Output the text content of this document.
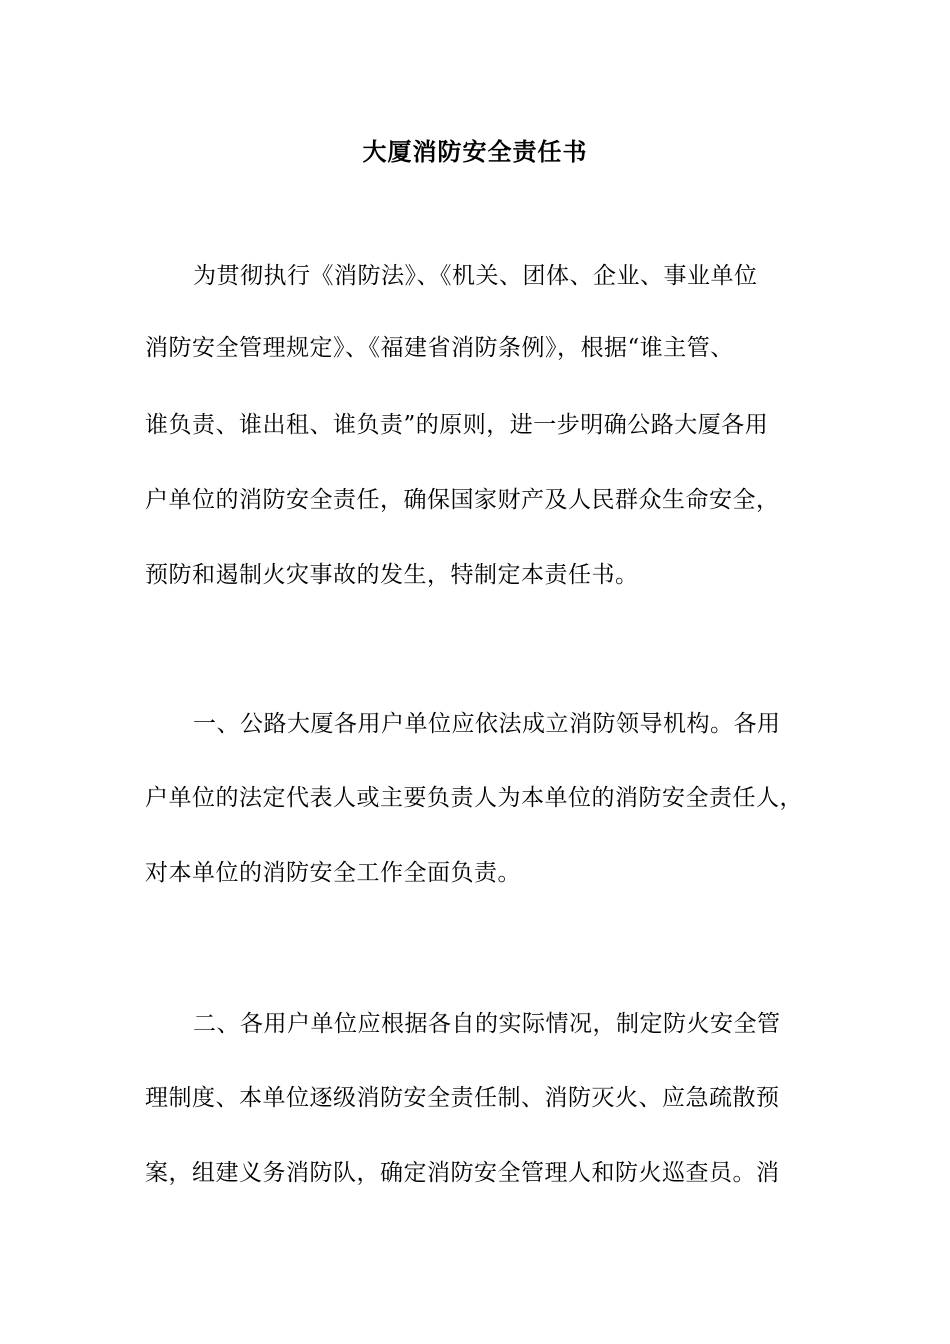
大厦消防安全责任书
为贯彻执行《消防法》、《机关、团体、企业、事业单位
消防安全管理规定》、《福建省消防条例》，根据“谁主管、
谁负责、谁出租、谁负责”的原则，进一步明确公路大厦各用
户单位的消防安全责任，确保国家财产及人民群众生命安全，
预防和遏制火灾事故的发生，特制定本责任书。
一、公路大厦各用户单位应依法成立消防领导机构。各用
户单位的法定代表人或主要负责人为本单位的消防安全责任人，
对本单位的消防安全工作全面负责。
二、各用户单位应根据各自的实际情况，制定防火安全管
理制度、本单位逐级消防安全责任制、消防灭火、应急疏散预
案，组建义务消防队，确定消防安全管理人和防火巡查员。消
